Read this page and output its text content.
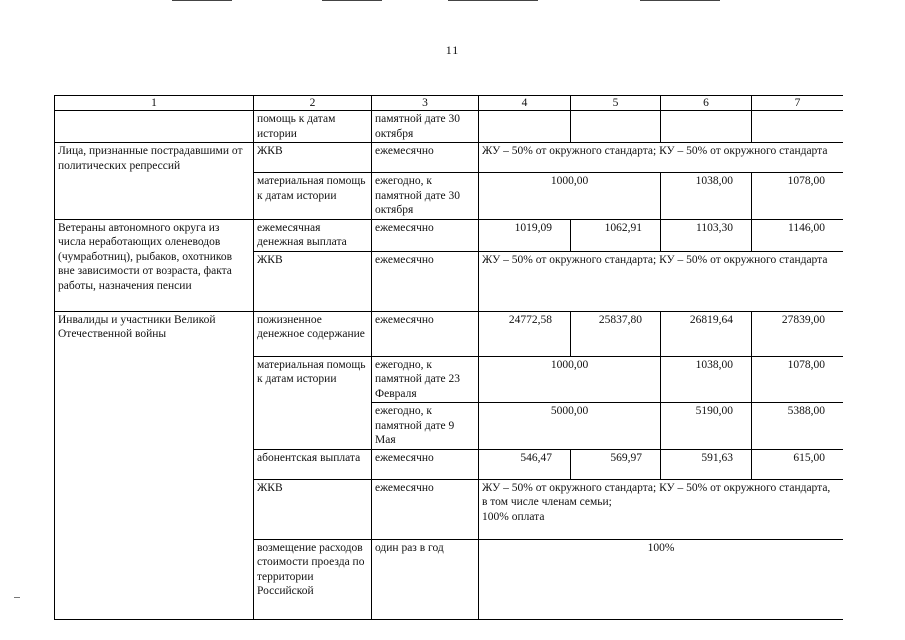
11
1	2	3	4	5	6	7
	помощь к датам истории	памятной дате 30 октября				
Лица, признанные пострадавшими от политических репрессий	ЖКВ	ежемесячно	ЖУ – 50% от окружного стандарта; КУ – 50% от окружного стандарта			
	материальная помощь к датам истории	ежегодно, к памятной дате 30 октября	1000,00		1038,00	1078,00
Ветераны автономного округа из числа неработающих оленеводов (чумработниц), рыбаков, охотников вне зависимости от возраста, факта работы, назначения пенсии	ежемесячная денежная выплата	ежемесячно	1019,09	1062,91	1103,30	1146,00
	ЖКВ	ежемесячно	ЖУ – 50% от окружного стандарта; КУ – 50% от окружного стандарта			
Инвалиды и участники Великой Отечественной войны	пожизненное денежное содержание	ежемесячно	24772,58	25837,80	26819,64	27839,00
	материальная помощь к датам истории	ежегодно, к памятной дате 23 Февраля	1000,00		1038,00	1078,00
		ежегодно, к памятной дате 9 Мая	5000,00		5190,00	5388,00
	абонентская выплата	ежемесячно	546,47	569,97	591,63	615,00
	ЖКВ	ежемесячно	ЖУ – 50% от окружного стандарта; КУ – 50% от окружного стандарта,
в том числе членам семьи;
100% оплата			

	возмещение расходов стоимости проезда по территории Российской	один раз в год	100%			
